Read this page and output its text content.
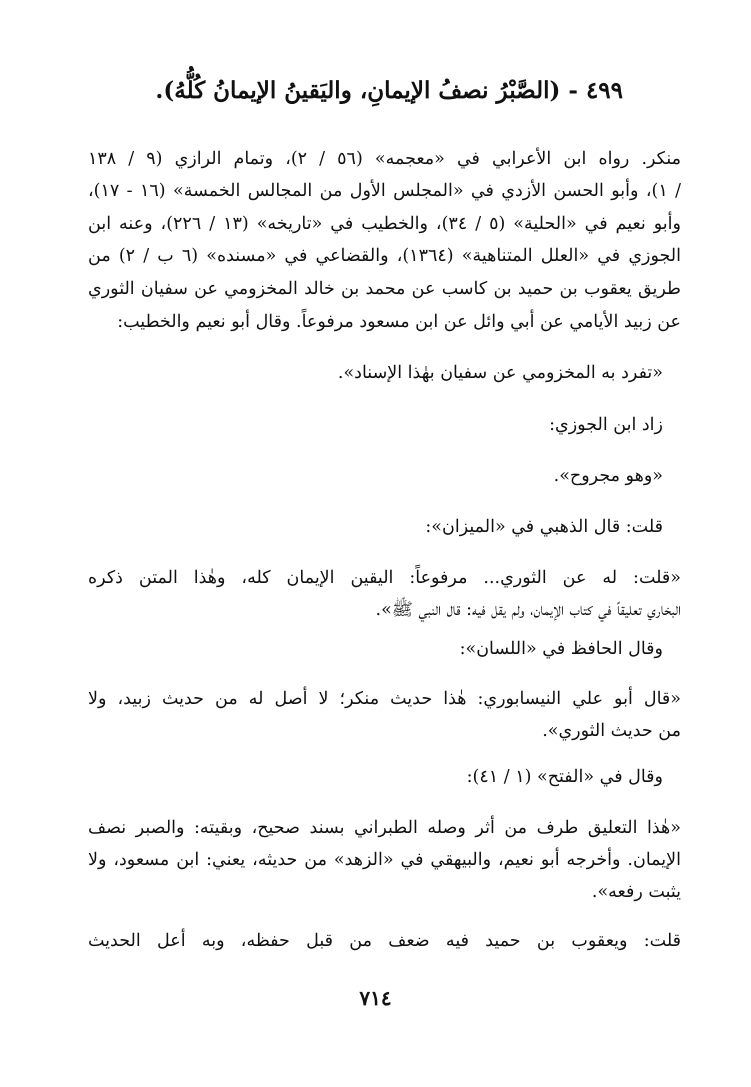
٤٩٩ - (الصَّبْرُ نصفُ الإيمانِ، واليَقينُ الإيمانُ كُلُّهُ).
منكر. رواه ابن الأعرابي في «معجمه» (٥٦ / ٢)، وتمام الرازي (٩ / ١٣٨
/ ١)، وأبو الحسن الأزدي في «المجلس الأول من المجالس الخمسة» (١٦ - ١٧)،
وأبو نعيم في «الحلية» (٥ / ٣٤)، والخطيب في «تاريخه» (١٣ / ٢٢٦)، وعنه ابن
الجوزي في «العلل المتناهية» (١٣٦٤)، والقضاعي في «مسنده» (٦ ب / ٢) من
طريق يعقوب بن حميد بن كاسب عن محمد بن خالد المخزومي عن سفيان الثوري
عن زبيد الأيامي عن أبي وائل عن ابن مسعود مرفوعاً. وقال أبو نعيم والخطيب:
«تفرد به المخزومي عن سفيان بهٰذا الإسناد».
زاد ابن الجوزي:
«وهو مجروح».
قلت: قال الذهبي في «الميزان»:
«قلت: له عن الثوري... مرفوعاً: اليقين الإيمان كله، وهٰذا المتن ذكره
البخاري تعليقاً في كتاب الإيمان، ولم يقل فيه: قال النبي ﷺ».
وقال الحافظ في «اللسان»:
«قال أبو علي النيسابوري: هٰذا حديث منكر؛ لا أصل له من حديث زبيد، ولا
من حديث الثوري».
وقال في «الفتح» (١ / ٤١):
«هٰذا التعليق طرف من أثر وصله الطبراني بسند صحيح، وبقيته: والصبر نصف
الإيمان. وأخرجه أبو نعيم، والبيهقي في «الزهد» من حديثه، يعني: ابن مسعود، ولا
يثبت رفعه».
قلت: ويعقوب بن حميد فيه ضعف من قبل حفظه، وبه أعل الحديث
٧١٤
